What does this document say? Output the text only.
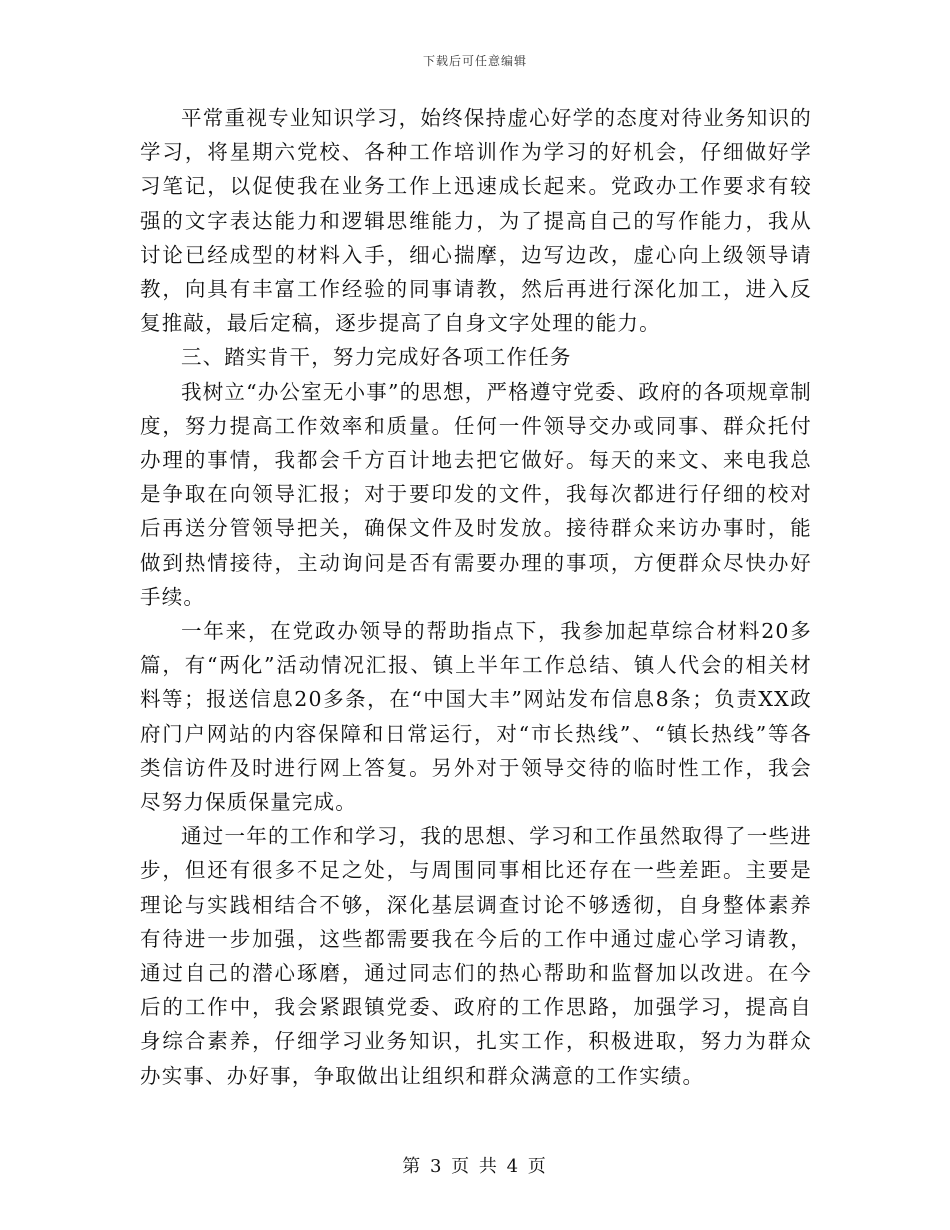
下载后可任意编辑

平常重视专业知识学习，始终保持虚心好学的态度对待业务知识的学习，将星期六党校、各种工作培训作为学习的好机会，仔细做好学习笔记，以促使我在业务工作上迅速成长起来。党政办工作要求有较强的文字表达能力和逻辑思维能力，为了提高自己的写作能力，我从讨论已经成型的材料入手，细心揣摩，边写边改，虚心向上级领导请教，向具有丰富工作经验的同事请教，然后再进行深化加工，进入反复推敲，最后定稿，逐步提高了自身文字处理的能力。

三、踏实肯干，努力完成好各项工作任务

我树立“办公室无小事”的思想，严格遵守党委、政府的各项规章制度，努力提高工作效率和质量。任何一件领导交办或同事、群众托付办理的事情，我都会千方百计地去把它做好。每天的来文、来电我总是争取在向领导汇报；对于要印发的文件，我每次都进行仔细的校对后再送分管领导把关，确保文件及时发放。接待群众来访办事时，能做到热情接待，主动询问是否有需要办理的事项，方便群众尽快办好手续。

一年来，在党政办领导的帮助指点下，我参加起草综合材料20多篇，有“两化”活动情况汇报、镇上半年工作总结、镇人代会的相关材料等；报送信息20多条，在“中国大丰”网站发布信息8条；负责XX政府门户网站的内容保障和日常运行，对“市长热线”、“镇长热线”等各类信访件及时进行网上答复。另外对于领导交待的临时性工作，我会尽努力保质保量完成。

通过一年的工作和学习，我的思想、学习和工作虽然取得了一些进步，但还有很多不足之处，与周围同事相比还存在一些差距。主要是理论与实践相结合不够，深化基层调查讨论不够透彻，自身整体素养有待进一步加强，这些都需要我在今后的工作中通过虚心学习请教，通过自己的潜心琢磨，通过同志们的热心帮助和监督加以改进。在今后的工作中，我会紧跟镇党委、政府的工作思路，加强学习，提高自身综合素养，仔细学习业务知识，扎实工作，积极进取，努力为群众办实事、办好事，争取做出让组织和群众满意的工作实绩。

第 3 页 共 4 页
